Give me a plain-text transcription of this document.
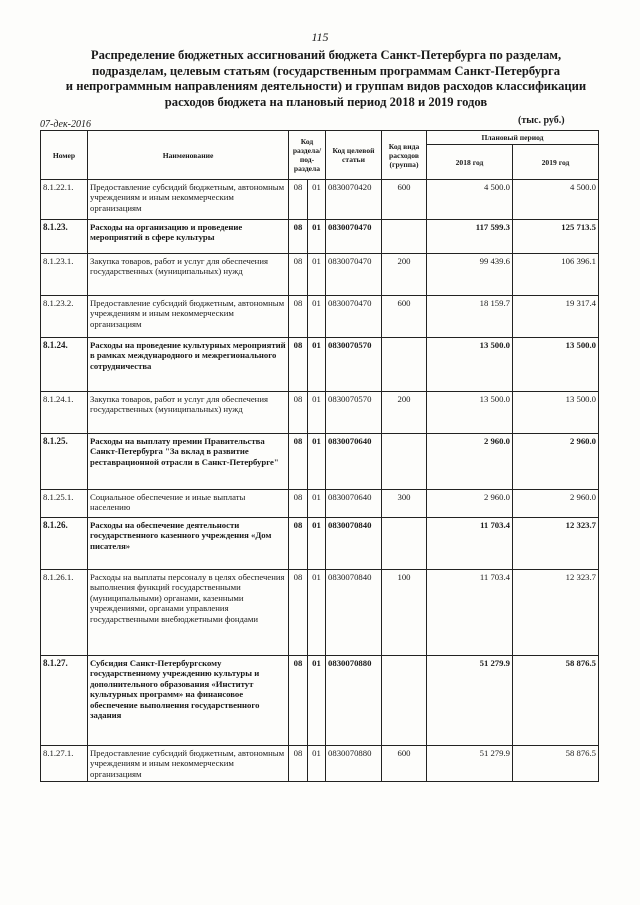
115
Распределение бюджетных ассигнований бюджета Санкт-Петербурга по разделам,
подразделам, целевым статьям (государственным программам Санкт-Петербурга
и непрограммным направлениям деятельности) и группам видов расходов классификации
расходов бюджета на плановый период 2018 и 2019 годов
07-дек-2016	(тыс. руб.)
Номер	Наименование	Код раздела/ под-раздела		Код целевой статьи	Код вида расходов (группа)	Плановый период	
						2018 год	2019 год
8.1.22.1.	Предоставление субсидий бюджетным, автономным учреждениям и иным некоммерческим организациям	08	01	0830070420	600	4 500.0	4 500.0
8.1.23.	Расходы на организацию и проведение мероприятий в сфере культуры	08	01	0830070470		117 599.3	125 713.5
8.1.23.1.	Закупка товаров, работ и услуг для обеспечения государственных (муниципальных) нужд	08	01	0830070470	200	99 439.6	106 396.1
8.1.23.2.	Предоставление субсидий бюджетным, автономным учреждениям и иным некоммерческим организациям	08	01	0830070470	600	18 159.7	19 317.4
8.1.24.	Расходы на проведение культурных мероприятий в рамках международного и межрегионального сотрудничества	08	01	0830070570		13 500.0	13 500.0
8.1.24.1.	Закупка товаров, работ и услуг для обеспечения государственных (муниципальных) нужд	08	01	0830070570	200	13 500.0	13 500.0
8.1.25.	Расходы на выплату премии Правительства Санкт-Петербурга "За вклад в развитие реставрационной отрасли в Санкт-Петербурге"	08	01	0830070640		2 960.0	2 960.0
8.1.25.1.	Социальное обеспечение и иные выплаты населению	08	01	0830070640	300	2 960.0	2 960.0
8.1.26.	Расходы на обеспечение деятельности государственного казенного учреждения «Дом писателя»	08	01	0830070840		11 703.4	12 323.7
8.1.26.1.	Расходы на выплаты персоналу в целях обеспечения выполнения функций государственными (муниципальными) органами, казенными учреждениями, органами управления государственными внебюджетными фондами	08	01	0830070840	100	11 703.4	12 323.7
8.1.27.	Субсидия Санкт-Петербургскому государственному учреждению культуры и дополнительного образования «Институт культурных программ» на финансовое обеспечение выполнения государственного задания	08	01	0830070880		51 279.9	58 876.5
8.1.27.1.	Предоставление субсидий бюджетным, автономным учреждениям и иным некоммерческим организациям	08	01	0830070880	600	51 279.9	58 876.5
